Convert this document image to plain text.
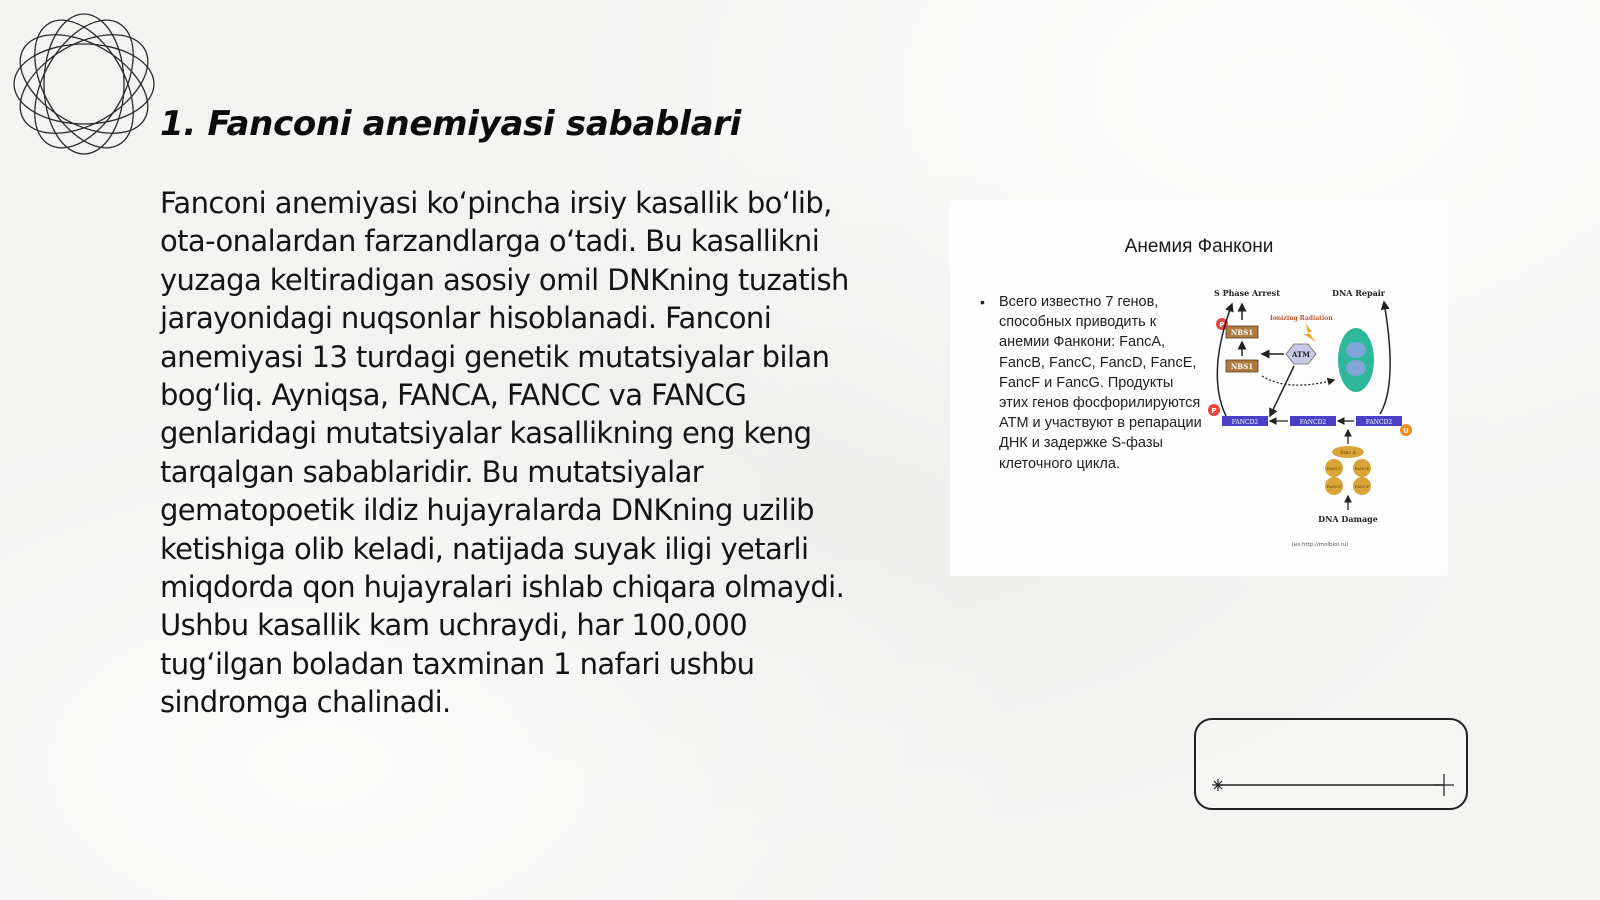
1. Fanconi anemiyasi sabablari
Fanconi anemiyasi ko‘pincha irsiy kasallik bo‘lib, ota-onalardan farzandlarga o‘tadi. Bu kasallikni yuzaga keltiradigan asosiy omil DNKning tuzatish jarayonidagi nuqsonlar hisoblanadi. Fanconi anemiyasi 13 turdagi genetik mutatsiyalar bilan bog‘liq. Ayniqsa, FANCA, FANCC va FANCG genlaridagi mutatsiyalar kasallikning eng keng tarqalgan sabablaridir. Bu mutatsiyalar gematopoetik ildiz hujayralarda DNKning uzilib ketishiga olib keladi, natijada suyak iligi yetarli miqdorda qon hujayralari ishlab chiqara olmaydi. Ushbu kasallik kam uchraydi, har 100,000 tug‘ilgan boladan taxminan 1 nafari ushbu sindromga chalinadi.
Анемия Фанкони
• Всего известно 7 генов, способных приводить к анемии Фанкони: FancA, FancB, FancC, FancD, FancE, FancF и FancG. Продукты этих генов фосфорилируются ATM и участвуют в репарации ДНК и задержке S-фазы клеточного цикла.
S Phase Arrest	DNA Repair
Ionizing Radiation
NBS1
P
NBS1
ATM
P
FANCD2	FANCD2	FANCD2
U
Fanc A
FANCC	FANCE
FANCG	FANCF
DNA Damage
(из http://molbiol.ru)
